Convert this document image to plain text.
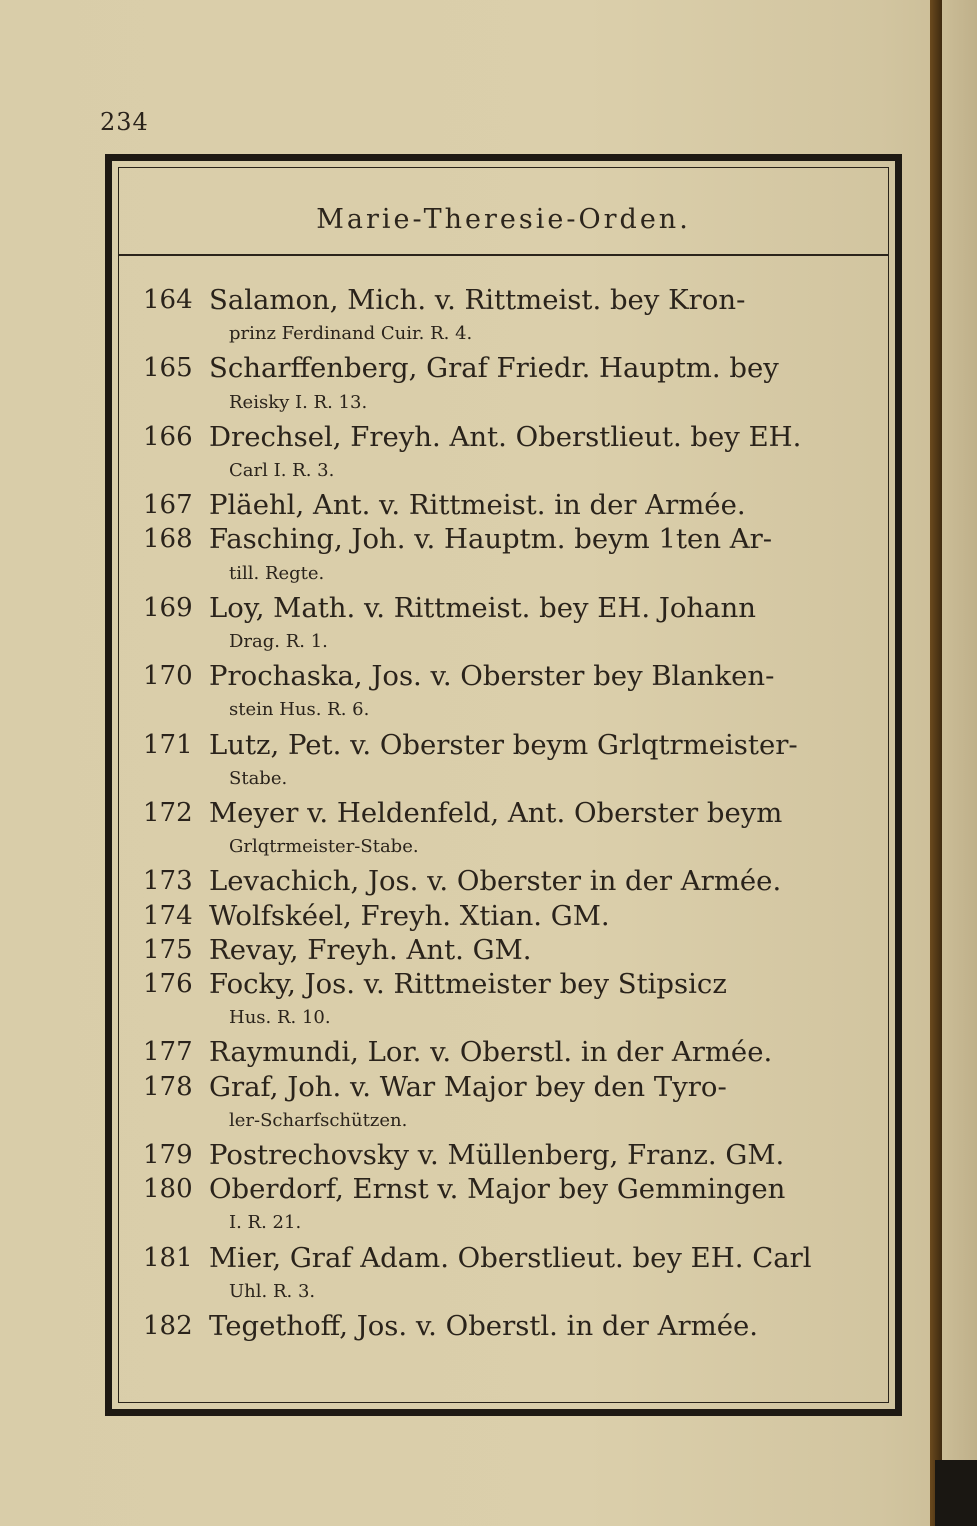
234
Marie-Theresie-Orden.
164 Salamon, Mich. v. Rittmeist. bey Kron-
prinz Ferdinand Cuir. R. 4.
165 Scharffenberg, Graf Friedr. Hauptm. bey
Reisky I. R. 13.
166 Drechsel, Freyh. Ant. Oberstlieut. bey EH.
Carl I. R. 3.
167 Pläehl, Ant. v. Rittmeist. in der Armée.
168 Fasching, Joh. v. Hauptm. beym 1ten Ar-
till. Regte.
169 Loy, Math. v. Rittmeist. bey EH. Johann
Drag. R. 1.
170 Prochaska, Jos. v. Oberster bey Blanken-
stein Hus. R. 6.
171 Lutz, Pet. v. Oberster beym Grlqtrmeister-
Stabe.
172 Meyer v. Heldenfeld, Ant. Oberster beym
Grlqtrmeister-Stabe.
173 Levachich, Jos. v. Oberster in der Armée.
174 Wolfskéel, Freyh. Xtian. GM.
175 Revay, Freyh. Ant. GM.
176 Focky, Jos. v. Rittmeister bey Stipsicz
Hus. R. 10.
177 Raymundi, Lor. v. Oberstl. in der Armée.
178 Graf, Joh. v. War Major bey den Tyro-
ler-Scharfschützen.
179 Postrechovsky v. Müllenberg, Franz. GM.
180 Oberdorf, Ernst v. Major bey Gemmingen
I. R. 21.
181 Mier, Graf Adam. Oberstlieut. bey EH. Carl
Uhl. R. 3.
182 Tegethoff, Jos. v. Oberstl. in der Armée.
